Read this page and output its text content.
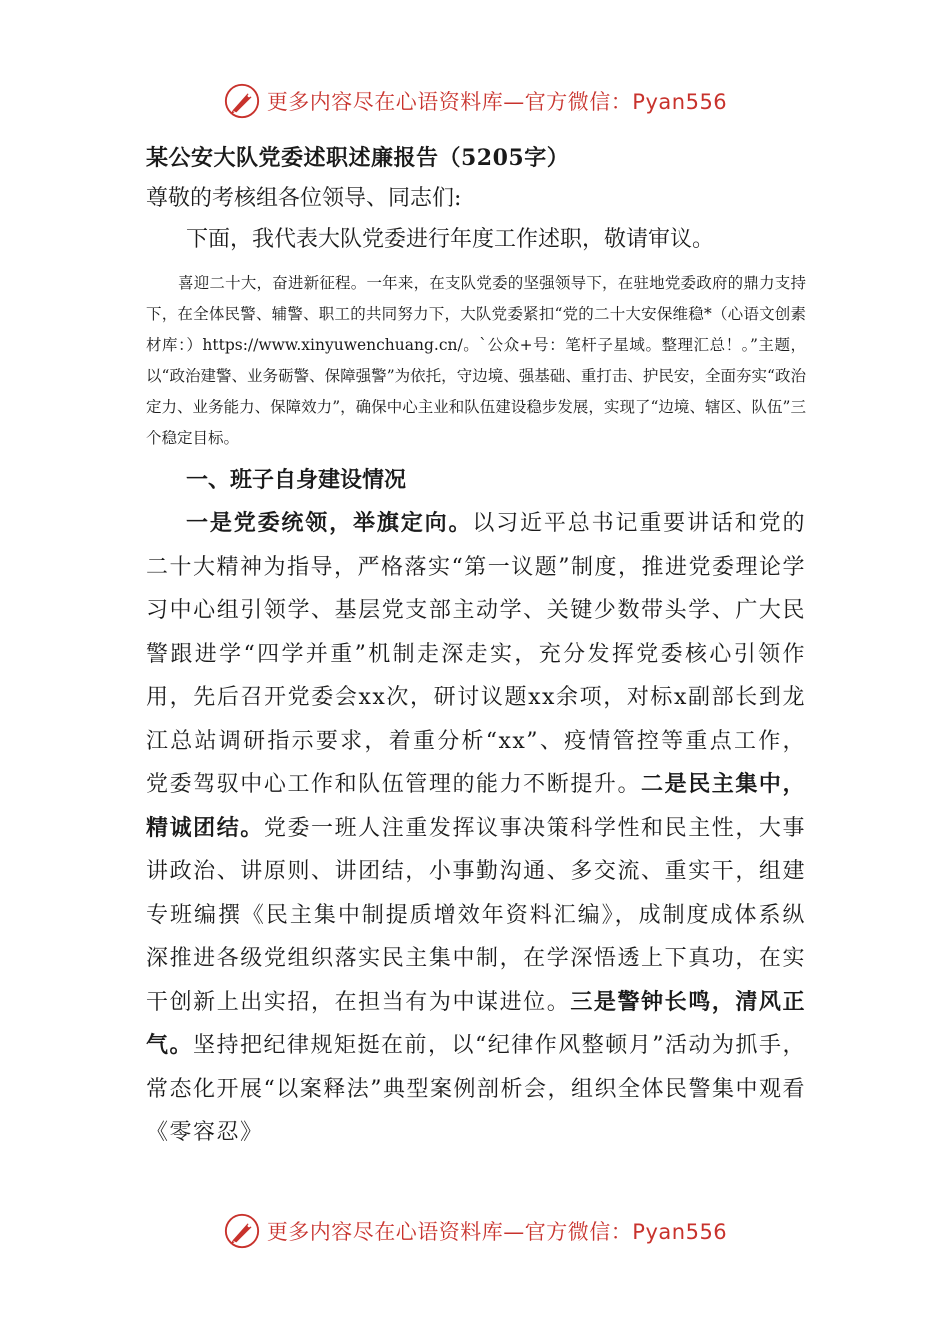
更多内容尽在心语资料库—官方微信：Pyan556

某公安大队党委述职述廉报告（5205字）

尊敬的考核组各位领导、同志们:

下面，我代表大队党委进行年度工作述职，敬请审议。

喜迎二十大，奋进新征程。一年来，在支队党委的坚强领导下，在驻地党委政府的鼎力支持下，在全体民警、辅警、职工的共同努力下，大队党委紧扣“党的二十大安保维稳*（心语文创素材库：）https://www.xinyuwenchuang.cn/。`公众+号：笔杆子星域。整理汇总！。”主题，以“政治建警、业务砺警、保障强警”为依托，守边境、强基础、重打击、护民安，全面夯实“政治定力、业务能力、保障效力”，确保中心主业和队伍建设稳步发展，实现了“边境、辖区、队伍”三个稳定目标。

一、班子自身建设情况

一是党委统领，举旗定向。以习近平总书记重要讲话和党的二十大精神为指导，严格落实“第一议题”制度，推进党委理论学习中心组引领学、基层党支部主动学、关键少数带头学、广大民警跟进学“四学并重”机制走深走实，充分发挥党委核心引领作用，先后召开党委会xx次，研讨议题xx余项，对标x副部长到龙江总站调研指示要求，着重分析“xx”、疫情管控等重点工作，党委驾驭中心工作和队伍管理的能力不断提升。二是民主集中，精诚团结。党委一班人注重发挥议事决策科学性和民主性，大事讲政治、讲原则、讲团结，小事勤沟通、多交流、重实干，组建专班编撰《民主集中制提质增效年资料汇编》，成制度成体系纵深推进各级党组织落实民主集中制，在学深悟透上下真功，在实干创新上出实招，在担当有为中谋进位。三是警钟长鸣，清风正气。坚持把纪律规矩挺在前，以“纪律作风整顿月”活动为抓手，常态化开展“以案释法”典型案例剖析会，组织全体民警集中观看《零容忍》

更多内容尽在心语资料库—官方微信：Pyan556
